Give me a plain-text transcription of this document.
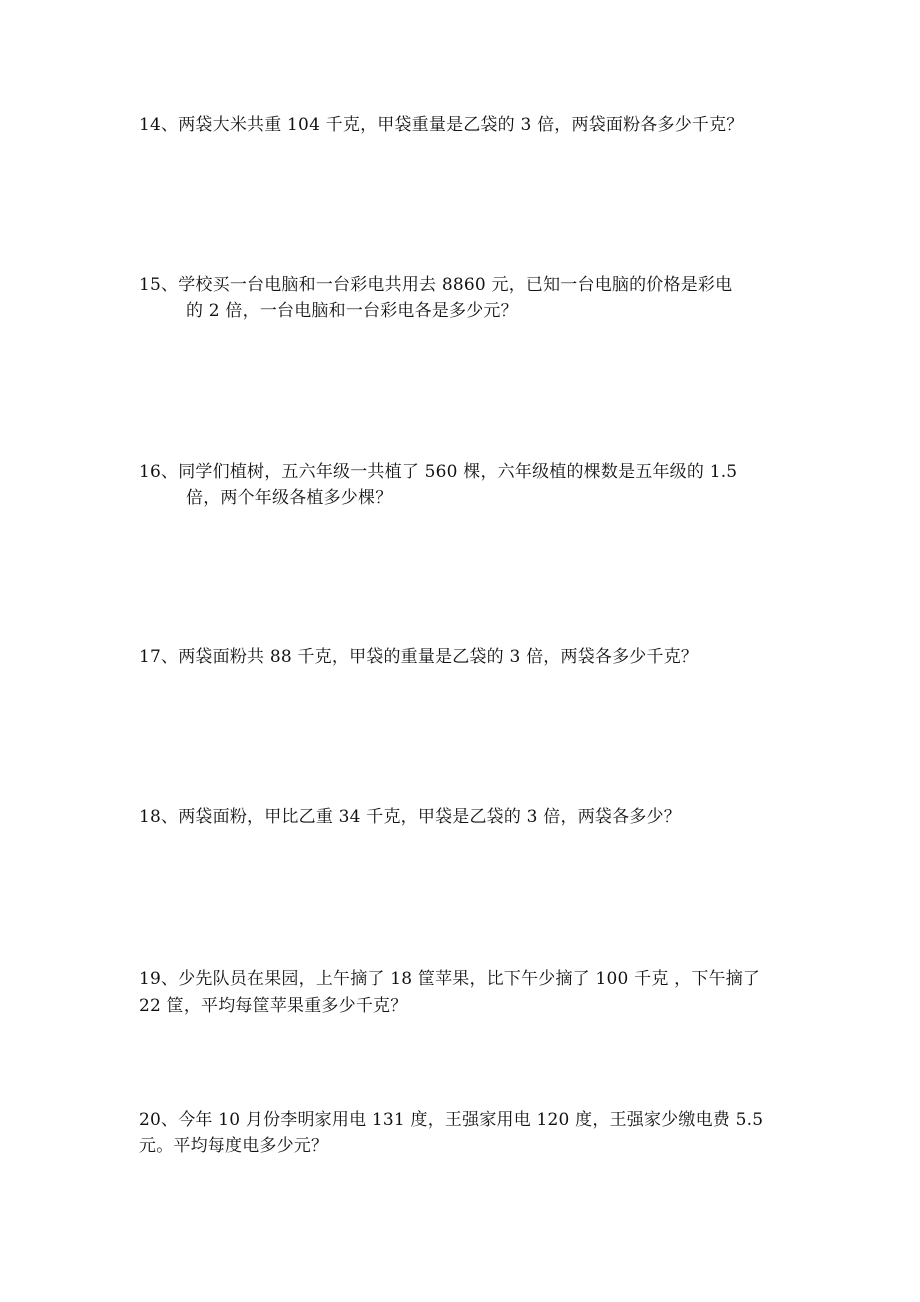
14、两袋大米共重 104 千克，甲袋重量是乙袋的 3 倍，两袋面粉各多少千克？
15、学校买一台电脑和一台彩电共用去 8860 元，已知一台电脑的价格是彩电
的 2 倍，一台电脑和一台彩电各是多少元？
16、同学们植树，五六年级一共植了 560 棵，六年级植的棵数是五年级的 1.5
倍，两个年级各植多少棵？
17、两袋面粉共 88 千克，甲袋的重量是乙袋的 3 倍，两袋各多少千克？
18、两袋面粉，甲比乙重 34 千克，甲袋是乙袋的 3 倍，两袋各多少？
19、少先队员在果园，上午摘了 18 筐苹果，比下午少摘了 100 千克 ，下午摘了
22 筐，平均每筐苹果重多少千克？
20、今年 10 月份李明家用电 131 度，王强家用电 120 度，王强家少缴电费 5.5
元。平均每度电多少元？
